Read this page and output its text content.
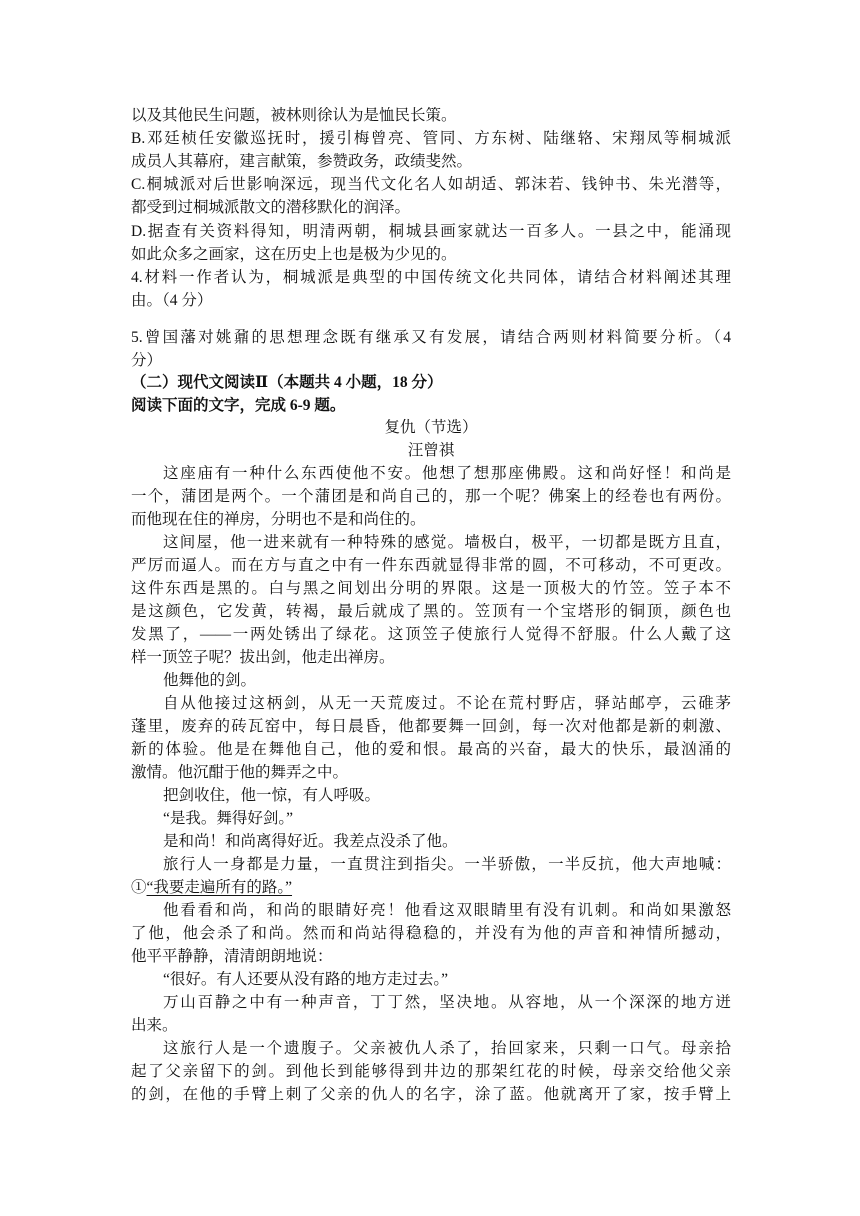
以及其他民生问题，被林则徐认为是恤民长策。
B.邓廷桢任安徽巡抚时，援引梅曾亮、管同、方东树、陆继辂、宋翔凤等桐城派
成员人其幕府，建言献策，参赞政务，政绩斐然。
C.桐城派对后世影响深远，现当代文化名人如胡适、郭沫若、钱钟书、朱光潜等，
都受到过桐城派散文的潜移默化的润泽。
D.据查有关资料得知，明清两朝，桐城县画家就达一百多人。一县之中，能涌现
如此众多之画家，这在历史上也是极为少见的。
4.材料一作者认为，桐城派是典型的中国传统文化共同体，请结合材料阐述其理
由。（4 分）
5.曾国藩对姚鼐的思想理念既有继承又有发展，请结合两则材料简要分析。（4
分）
（二）现代文阅读Ⅱ（本题共 4 小题，18 分）
阅读下面的文字，完成 6-9 题。
复仇（节选）
汪曾祺
这座庙有一种什么东西使他不安。他想了想那座佛殿。这和尚好怪！和尚是
一个，蒲团是两个。一个蒲团是和尚自己的，那一个呢？佛案上的经卷也有两份。
而他现在住的禅房，分明也不是和尚住的。
这间屋，他一进来就有一种特殊的感觉。墙极白，极平，一切都是既方且直，
严厉而逼人。而在方与直之中有一件东西就显得非常的圆，不可移动，不可更改。
这件东西是黑的。白与黑之间划出分明的界限。这是一顶极大的竹笠。笠子本不
是这颜色，它发黄，转褐，最后就成了黑的。笠顶有一个宝塔形的铜顶，颜色也
发黑了，——一两处锈出了绿花。这顶笠子使旅行人觉得不舒服。什么人戴了这
样一顶笠子呢？拔出剑，他走出禅房。
他舞他的剑。
自从他接过这柄剑，从无一天荒废过。不论在荒村野店，驿站邮亭，云碓茅
蓬里，废弃的砖瓦窑中，每日晨昏，他都要舞一回剑，每一次对他都是新的刺激、
新的体验。他是在舞他自己，他的爱和恨。最高的兴奋，最大的快乐，最汹涌的
激情。他沉酣于他的舞弄之中。
把剑收住，他一惊，有人呼吸。
“是我。舞得好剑。”
是和尚！和尚离得好近。我差点没杀了他。
旅行人一身都是力量，一直贯注到指尖。一半骄傲，一半反抗，他大声地喊：
①“我要走遍所有的路。”
他看看和尚，和尚的眼睛好亮！他看这双眼睛里有没有讥刺。和尚如果激怒
了他，他会杀了和尚。然而和尚站得稳稳的，并没有为他的声音和神情所撼动，
他平平静静，清清朗朗地说：
“很好。有人还要从没有路的地方走过去。”
万山百静之中有一种声音，丁丁然，坚决地。从容地，从一个深深的地方迸
出来。
这旅行人是一个遗腹子。父亲被仇人杀了，抬回家来，只剩一口气。母亲拾
起了父亲留下的剑。到他长到能够得到井边的那架红花的时候，母亲交给他父亲
的剑，在他的手臂上刺了父亲的仇人的名字，涂了蓝。他就离开了家，按手臂上
